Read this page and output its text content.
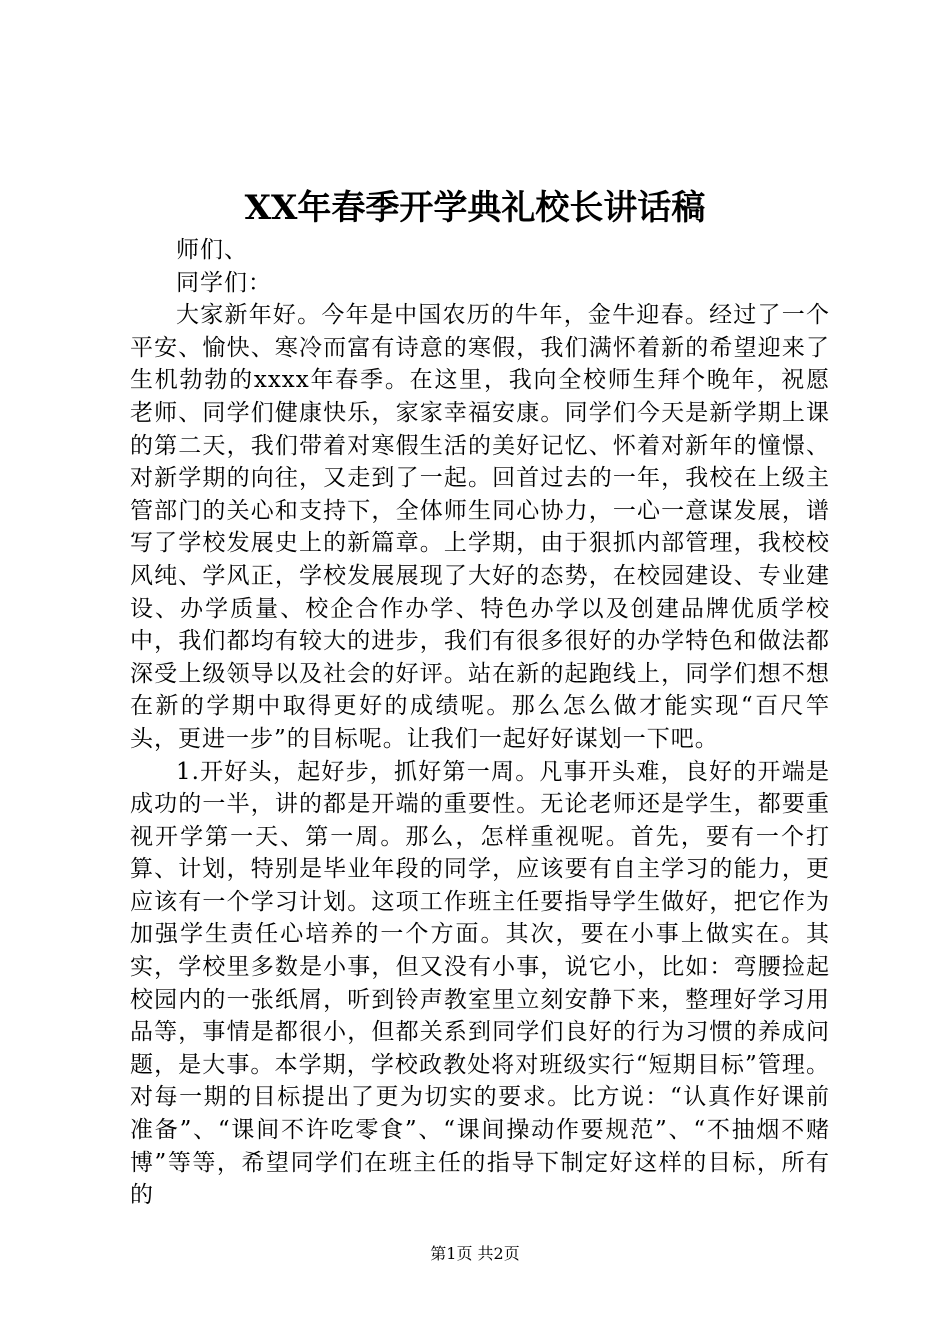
XX年春季开学典礼校长讲话稿
师们、
同学们：

大家新年好。今年是中国农历的牛年，金牛迎春。经过了一个平安、愉快、寒冷而富有诗意的寒假，我们满怀着新的希望迎来了生机勃勃的xxxx年春季。在这里，我向全校师生拜个晚年，祝愿老师、同学们健康快乐，家家幸福安康。同学们今天是新学期上课的第二天，我们带着对寒假生活的美好记忆、怀着对新年的憧憬、对新学期的向往，又走到了一起。回首过去的一年，我校在上级主管部门的关心和支持下，全体师生同心协力，一心一意谋发展，谱写了学校发展史上的新篇章。上学期，由于狠抓内部管理，我校校风纯、学风正，学校发展展现了大好的态势，在校园建设、专业建设、办学质量、校企合作办学、特色办学以及创建品牌优质学校中，我们都均有较大的进步，我们有很多很好的办学特色和做法都深受上级领导以及社会的好评。站在新的起跑线上，同学们想不想在新的学期中取得更好的成绩呢。那么怎么做才能实现“百尺竿头，更进一步”的目标呢。让我们一起好好谋划一下吧。

1.开好头，起好步，抓好第一周。凡事开头难，良好的开端是成功的一半，讲的都是开端的重要性。无论老师还是学生，都要重视开学第一天、第一周。那么，怎样重视呢。首先，要有一个打算、计划，特别是毕业年段的同学，应该要有自主学习的能力，更应该有一个学习计划。这项工作班主任要指导学生做好，把它作为加强学生责任心培养的一个方面。其次，要在小事上做实在。其实，学校里多数是小事，但又没有小事，说它小，比如：弯腰捡起校园内的一张纸屑，听到铃声教室里立刻安静下来，整理好学习用品等，事情是都很小，但都关系到同学们良好的行为习惯的养成问题，是大事。本学期，学校政教处将对班级实行“短期目标”管理。对每一期的目标提出了更为切实的要求。比方说：“认真作好课前准备”、“课间不许吃零食”、“课间操动作要规范”、“不抽烟不赌博”等等，希望同学们在班主任的指导下制定好这样的目标，所有的

第1页 共2页
